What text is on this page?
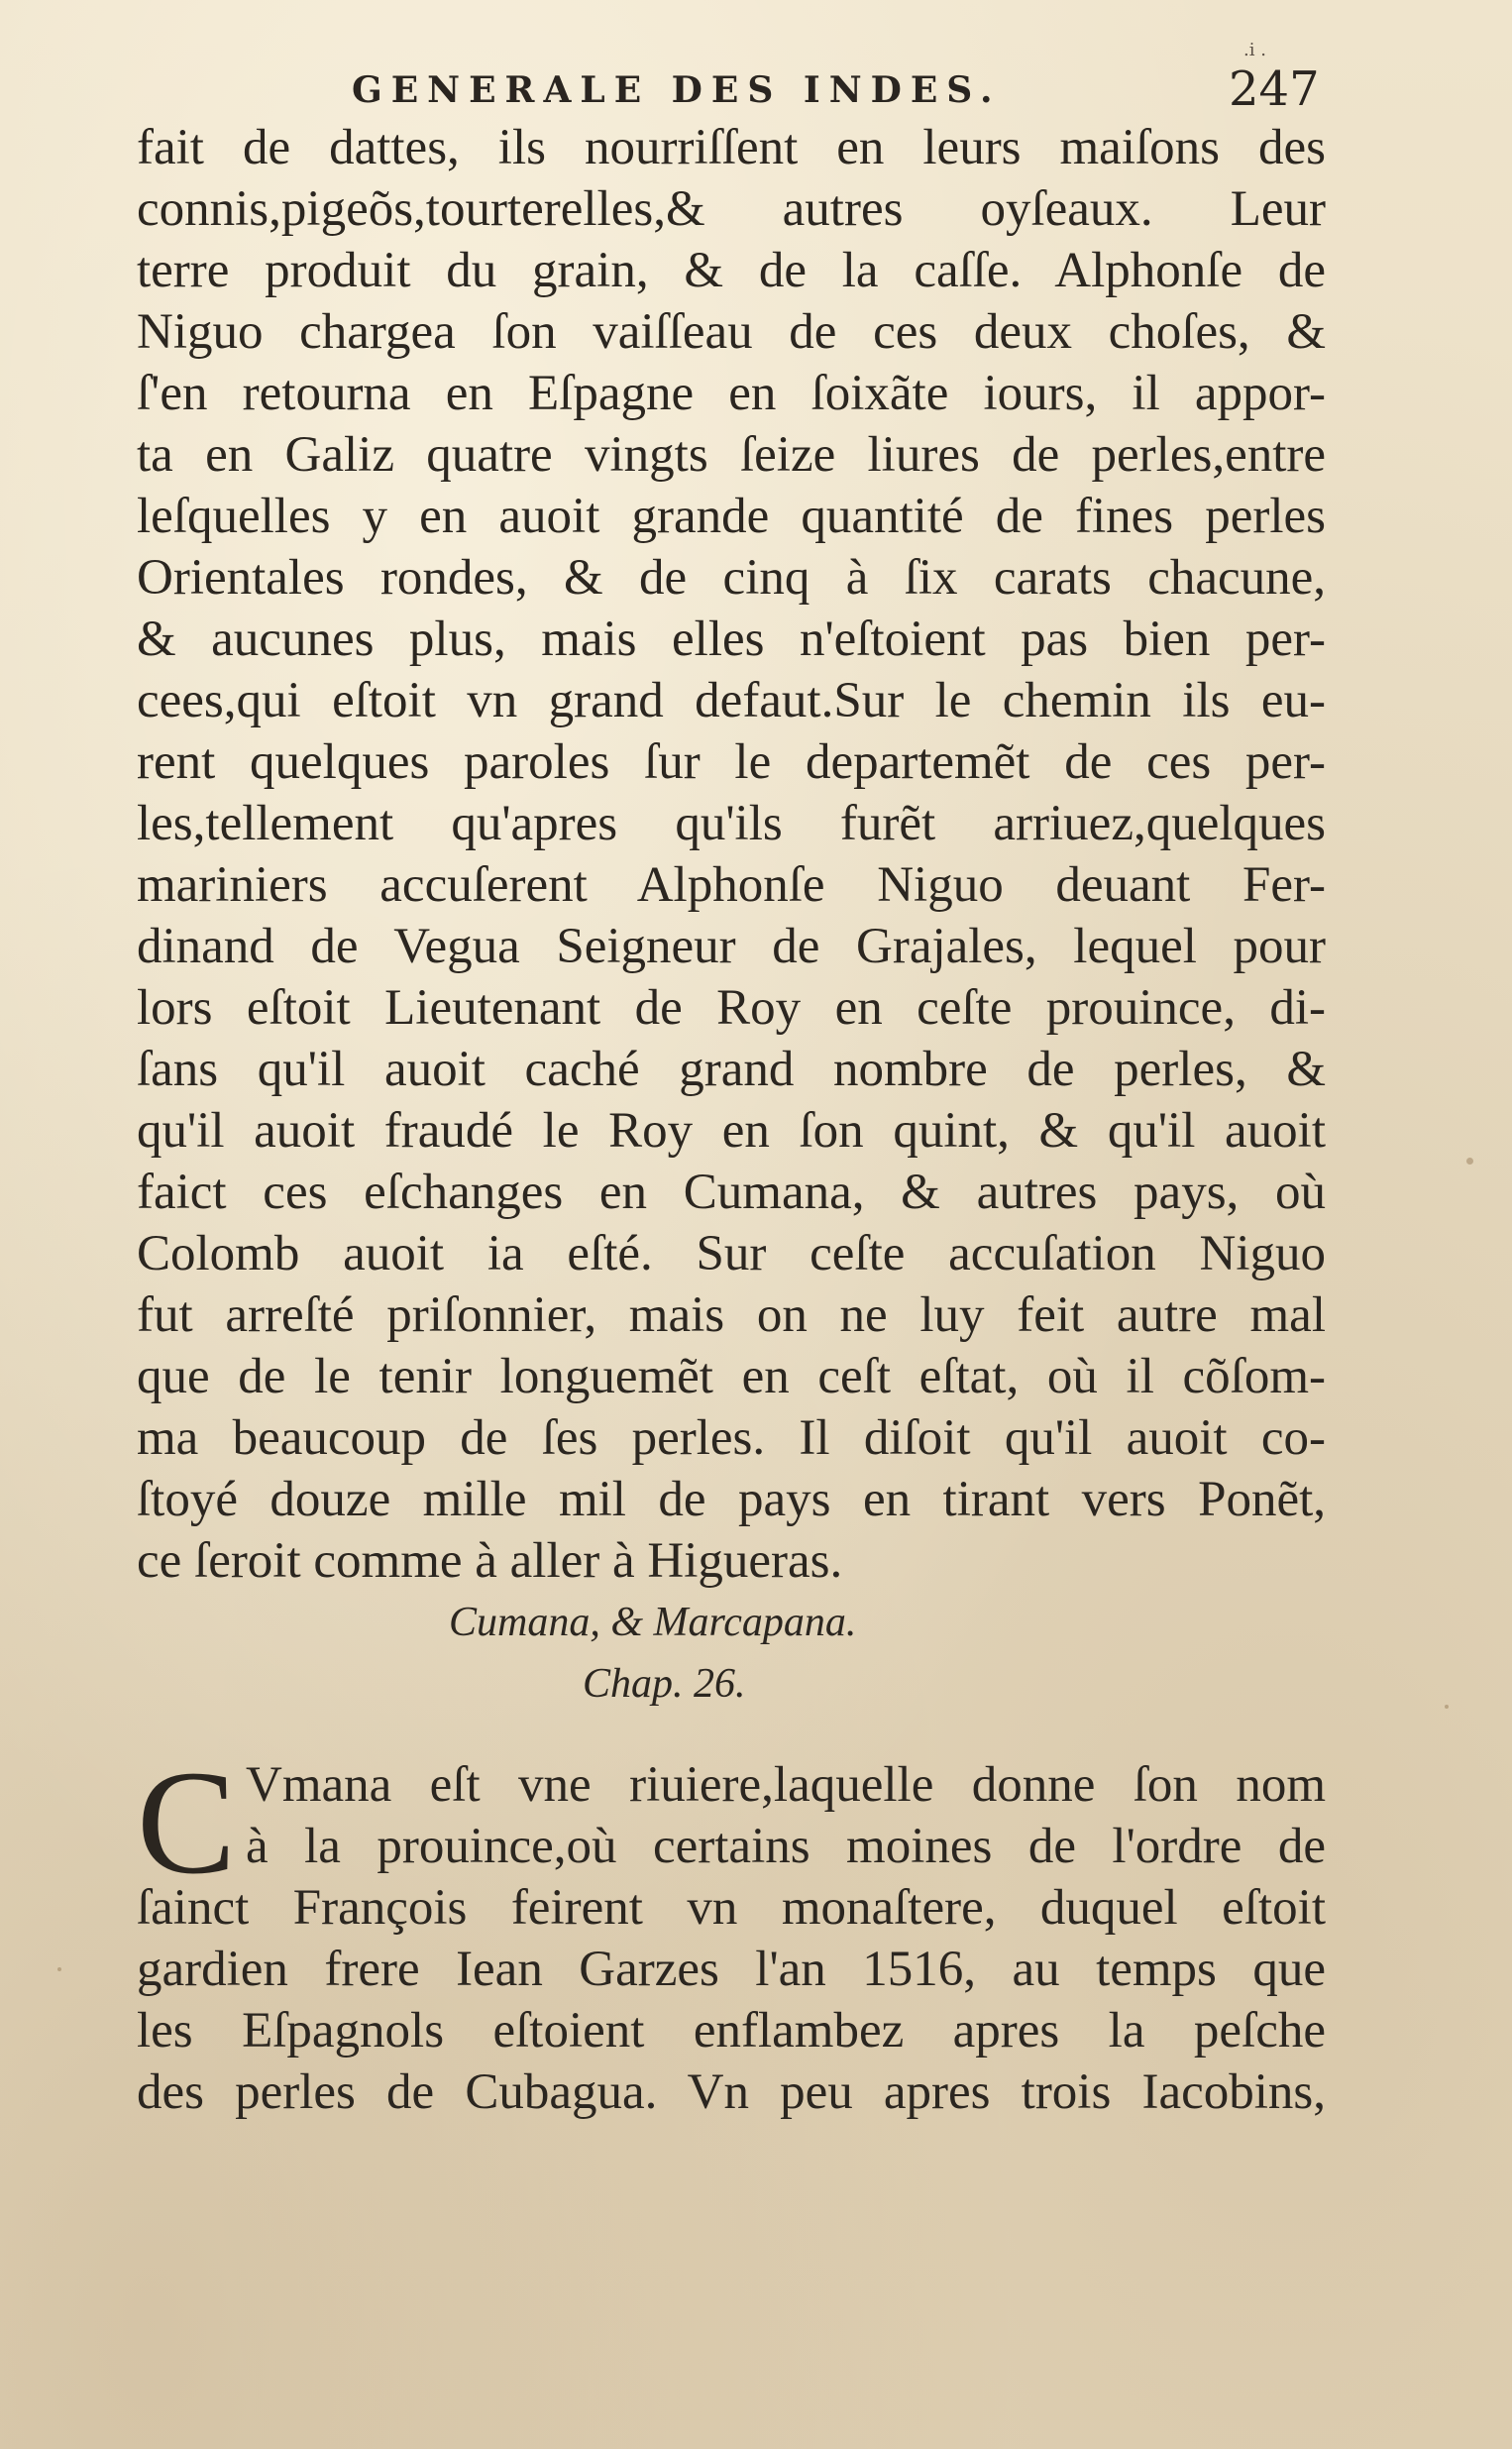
GENERALE DES INDES.	247
.i .
fait de dattes, ils nourriſſent en leurs maiſons des
connis,pigeõs,tourterelles,& autres oyſeaux. Leur
terre produit du grain, & de la caſſe. Alphonſe de
Niguo chargea ſon vaiſſeau de ces deux choſes, &
ſ'en retourna en Eſpagne en ſoixãte iours, il appor-
ta en Galiz quatre vingts ſeize liures de perles,entre
leſquelles y en auoit grande quantité de fines perles
Orientales rondes, & de cinq à ſix carats chacune,
& aucunes plus, mais elles n'eſtoient pas bien per-
cees,qui eſtoit vn grand defaut.Sur le chemin ils eu-
rent quelques paroles ſur le departemẽt de ces per-
les,tellement qu'apres qu'ils furẽt arriuez,quelques
mariniers accuſerent Alphonſe Niguo deuant Fer-
dinand de Vegua Seigneur de Grajales, lequel pour
lors eſtoit Lieutenant de Roy en ceſte prouince, di-
ſans qu'il auoit caché grand nombre de perles, &
qu'il auoit fraudé le Roy en ſon quint, & qu'il auoit
faict ces eſchanges en Cumana, & autres pays, où
Colomb auoit ia eſté. Sur ceſte accuſation Niguo
fut arreſté priſonnier, mais on ne luy feit autre mal
que de le tenir longuemẽt en ceſt eſtat, où il cõſom-
ma beaucoup de ſes perles. Il diſoit qu'il auoit co-
ſtoyé douze mille mil de pays en tirant vers Ponẽt,
ce ſeroit comme à aller à Higueras.
Cumana, & Marcapana.
Chap. 26.
C Vmana eſt vne riuiere,laquelle donne ſon nom
à la prouince,où certains moines de l'ordre de
ſainct François feirent vn monaſtere, duquel eſtoit
gardien frere Iean Garzes l'an 1516, au temps que
les Eſpagnols eſtoient enflambez apres la peſche
des perles de Cubagua. Vn peu apres trois Iacobins,
